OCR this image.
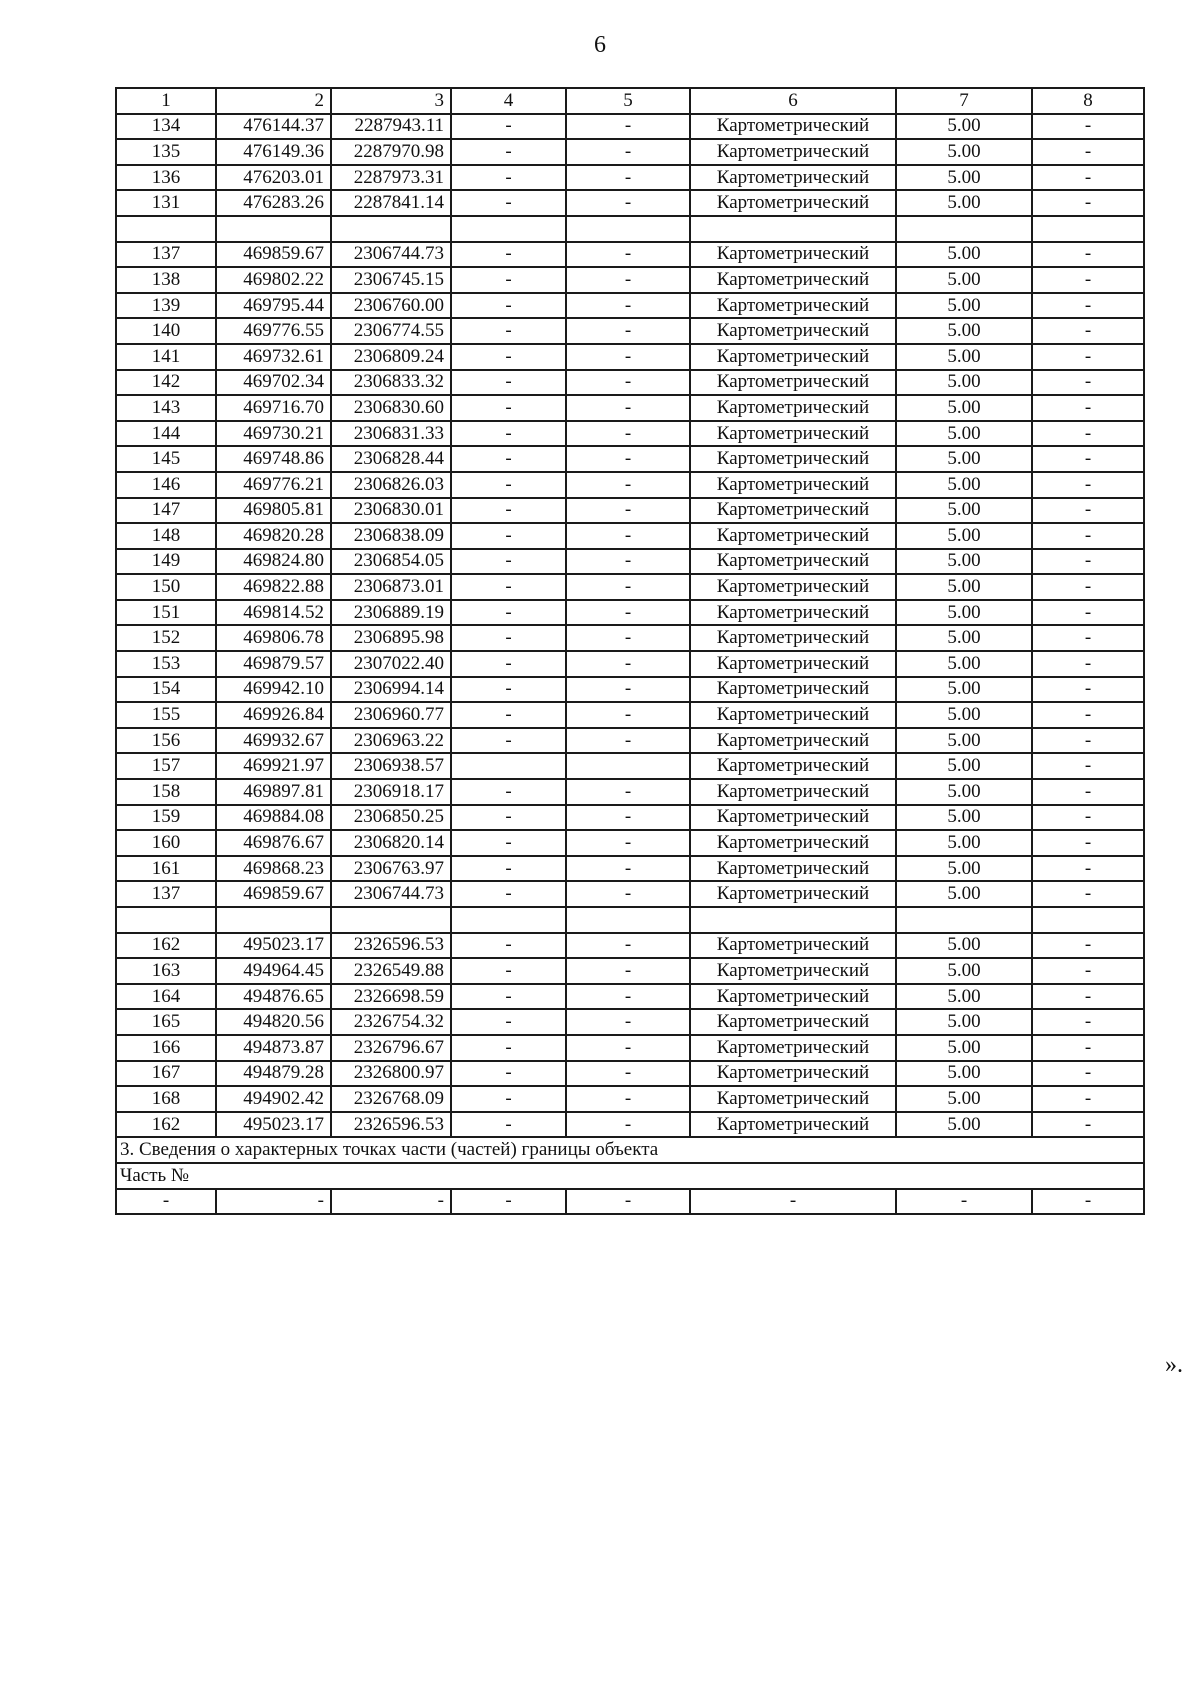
6
1	2	3	4	5	6	7	8
134	476144.37	2287943.11	-	-	Картометрический	5.00	-
135	476149.36	2287970.98	-	-	Картометрический	5.00	-
136	476203.01	2287973.31	-	-	Картометрический	5.00	-
131	476283.26	2287841.14	-	-	Картометрический	5.00	-

137	469859.67	2306744.73	-	-	Картометрический	5.00	-
138	469802.22	2306745.15	-	-	Картометрический	5.00	-
139	469795.44	2306760.00	-	-	Картометрический	5.00	-
140	469776.55	2306774.55	-	-	Картометрический	5.00	-
141	469732.61	2306809.24	-	-	Картометрический	5.00	-
142	469702.34	2306833.32	-	-	Картометрический	5.00	-
143	469716.70	2306830.60	-	-	Картометрический	5.00	-
144	469730.21	2306831.33	-	-	Картометрический	5.00	-
145	469748.86	2306828.44	-	-	Картометрический	5.00	-
146	469776.21	2306826.03	-	-	Картометрический	5.00	-
147	469805.81	2306830.01	-	-	Картометрический	5.00	-
148	469820.28	2306838.09	-	-	Картометрический	5.00	-
149	469824.80	2306854.05	-	-	Картометрический	5.00	-
150	469822.88	2306873.01	-	-	Картометрический	5.00	-
151	469814.52	2306889.19	-	-	Картометрический	5.00	-
152	469806.78	2306895.98	-	-	Картометрический	5.00	-
153	469879.57	2307022.40	-	-	Картометрический	5.00	-
154	469942.10	2306994.14	-	-	Картометрический	5.00	-
155	469926.84	2306960.77	-	-	Картометрический	5.00	-
156	469932.67	2306963.22	-	-	Картометрический	5.00	-
157	469921.97	2306938.57			Картометрический	5.00	-
158	469897.81	2306918.17	-	-	Картометрический	5.00	-
159	469884.08	2306850.25	-	-	Картометрический	5.00	-
160	469876.67	2306820.14	-	-	Картометрический	5.00	-
161	469868.23	2306763.97	-	-	Картометрический	5.00	-
137	469859.67	2306744.73	-	-	Картометрический	5.00	-

162	495023.17	2326596.53	-	-	Картометрический	5.00	-
163	494964.45	2326549.88	-	-	Картометрический	5.00	-
164	494876.65	2326698.59	-	-	Картометрический	5.00	-
165	494820.56	2326754.32	-	-	Картометрический	5.00	-
166	494873.87	2326796.67	-	-	Картометрический	5.00	-
167	494879.28	2326800.97	-	-	Картометрический	5.00	-
168	494902.42	2326768.09	-	-	Картометрический	5.00	-
162	495023.17	2326596.53	-	-	Картометрический	5.00	-
3. Сведения о характерных точках части (частей) границы объекта							
Часть №							
-	-	-	-	-	-	-	-
».
